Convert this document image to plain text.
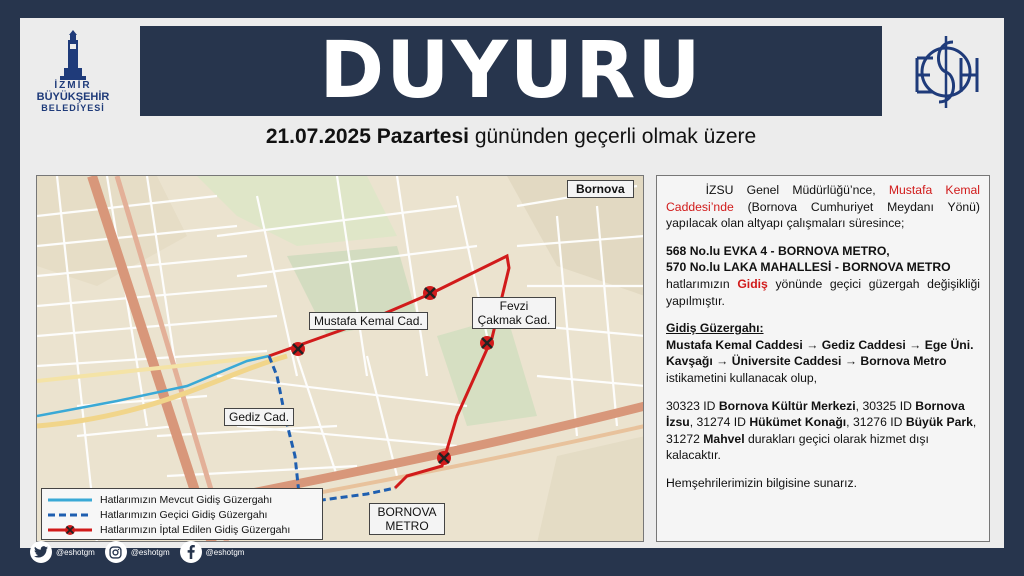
İZMİR
BÜYÜKŞEHİR
BELEDİYESİ	DUYURU
21.07.2025 Pazartesi gününden geçerli olmak üzere
Bornova
Mustafa Kemal Cad.
Fevzi Çakmak Cad.
Gediz Cad.
BORNOVA METRO
Hatlarımızın Mevcut Gidiş Güzergahı
Hatlarımızın Geçici Gidiş Güzergahı
Hatlarımızın İptal Edilen Gidiş Güzergahı

İZSU Genel Müdürlüğü’nce, Mustafa Kemal Caddesi’nde (Bornova Cumhuriyet Meydanı Yönü) yapılacak olan altyapı çalışmaları süresince;

568 No.lu EVKA 4 - BORNOVA METRO,
570 No.lu LAKA MAHALLESİ - BORNOVA METRO
hatlarımızın Gidiş yönünde geçici güzergah değişikliği yapılmıştır.

Gidiş Güzergahı:
Mustafa Kemal Caddesi → Gediz Caddesi → Ege Üni. Kavşağı → Üniversite Caddesi → Bornova Metro istikametini kullanacak olup,

30323 ID Bornova Kültür Merkezi, 30325 ID Bornova İzsu, 31274 ID Hükümet Konağı, 31276 ID Büyük Park, 31272 Mahvel durakları geçici olarak hizmet dışı kalacaktır.

Hemşehrilerimizin bilgisine sunarız.

@eshotgm	@eshotgm	@eshotgm
